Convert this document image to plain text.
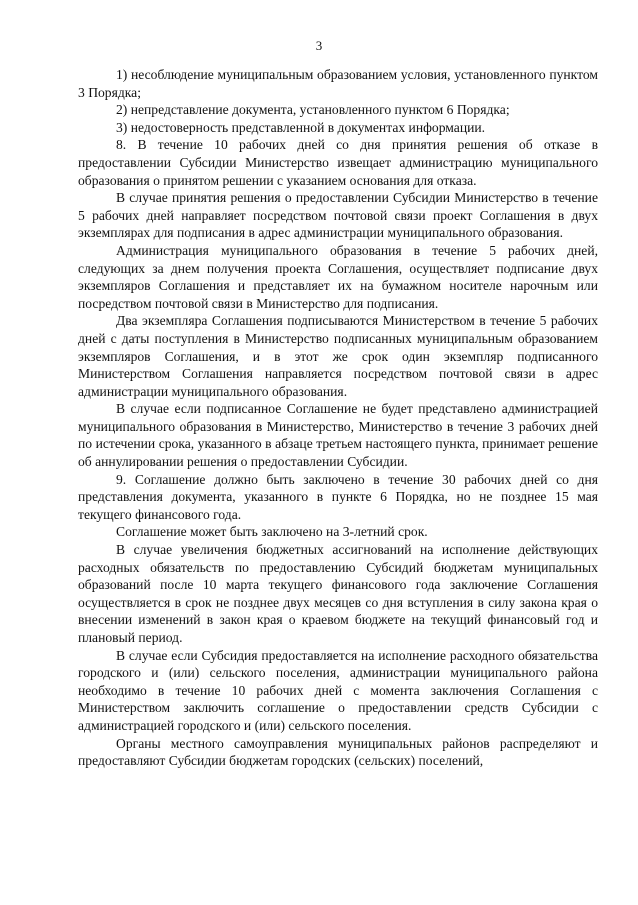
3

1) несоблюдение муниципальным образованием условия, установленного пунктом 3 Порядка;

2) непредставление документа, установленного пунктом 6 Порядка;

3) недостоверность представленной в документах информации.

8. В течение 10 рабочих дней со дня принятия решения об отказе в предоставлении Субсидии Министерство извещает администрацию муниципального образования о принятом решении с указанием основания для отказа.

В случае принятия решения о предоставлении Субсидии Министерство в течение 5 рабочих дней направляет посредством почтовой связи проект Соглашения в двух экземплярах для подписания в адрес администрации муниципального образования.

Администрация муниципального образования в течение 5 рабочих дней, следующих за днем получения проекта Соглашения, осуществляет подписание двух экземпляров Соглашения и представляет их на бумажном носителе нарочным или посредством почтовой связи в Министерство для подписания.

Два экземпляра Соглашения подписываются Министерством в течение 5 рабочих дней с даты поступления в Министерство подписанных муниципальным образованием экземпляров Соглашения, и в этот же срок один экземпляр подписанного Министерством Соглашения направляется посредством почтовой связи в адрес администрации муниципального образования.

В случае если подписанное Соглашение не будет представлено администрацией муниципального образования в Министерство, Министерство в течение 3 рабочих дней по истечении срока, указанного в абзаце третьем настоящего пункта, принимает решение об аннулировании решения о предоставлении Субсидии.

9. Соглашение должно быть заключено в течение 30 рабочих дней со дня представления документа, указанного в пункте 6 Порядка, но не позднее 15 мая текущего финансового года.

Соглашение может быть заключено на 3-летний срок.

В случае увеличения бюджетных ассигнований на исполнение действующих расходных обязательств по предоставлению Субсидий бюджетам муниципальных образований после 10 марта текущего финансового года заключение Соглашения осуществляется в срок не позднее двух месяцев со дня вступления в силу закона края о внесении изменений в закон края о краевом бюджете на текущий финансовый год и плановый период.

В случае если Субсидия предоставляется на исполнение расходного обязательства городского и (или) сельского поселения, администрации муниципального района необходимо в течение 10 рабочих дней с момента заключения Соглашения с Министерством заключить соглашение о предоставлении средств Субсидии с администрацией городского и (или) сельского поселения.

Органы местного самоуправления муниципальных районов распределяют и предоставляют Субсидии бюджетам городских (сельских) поселений,
